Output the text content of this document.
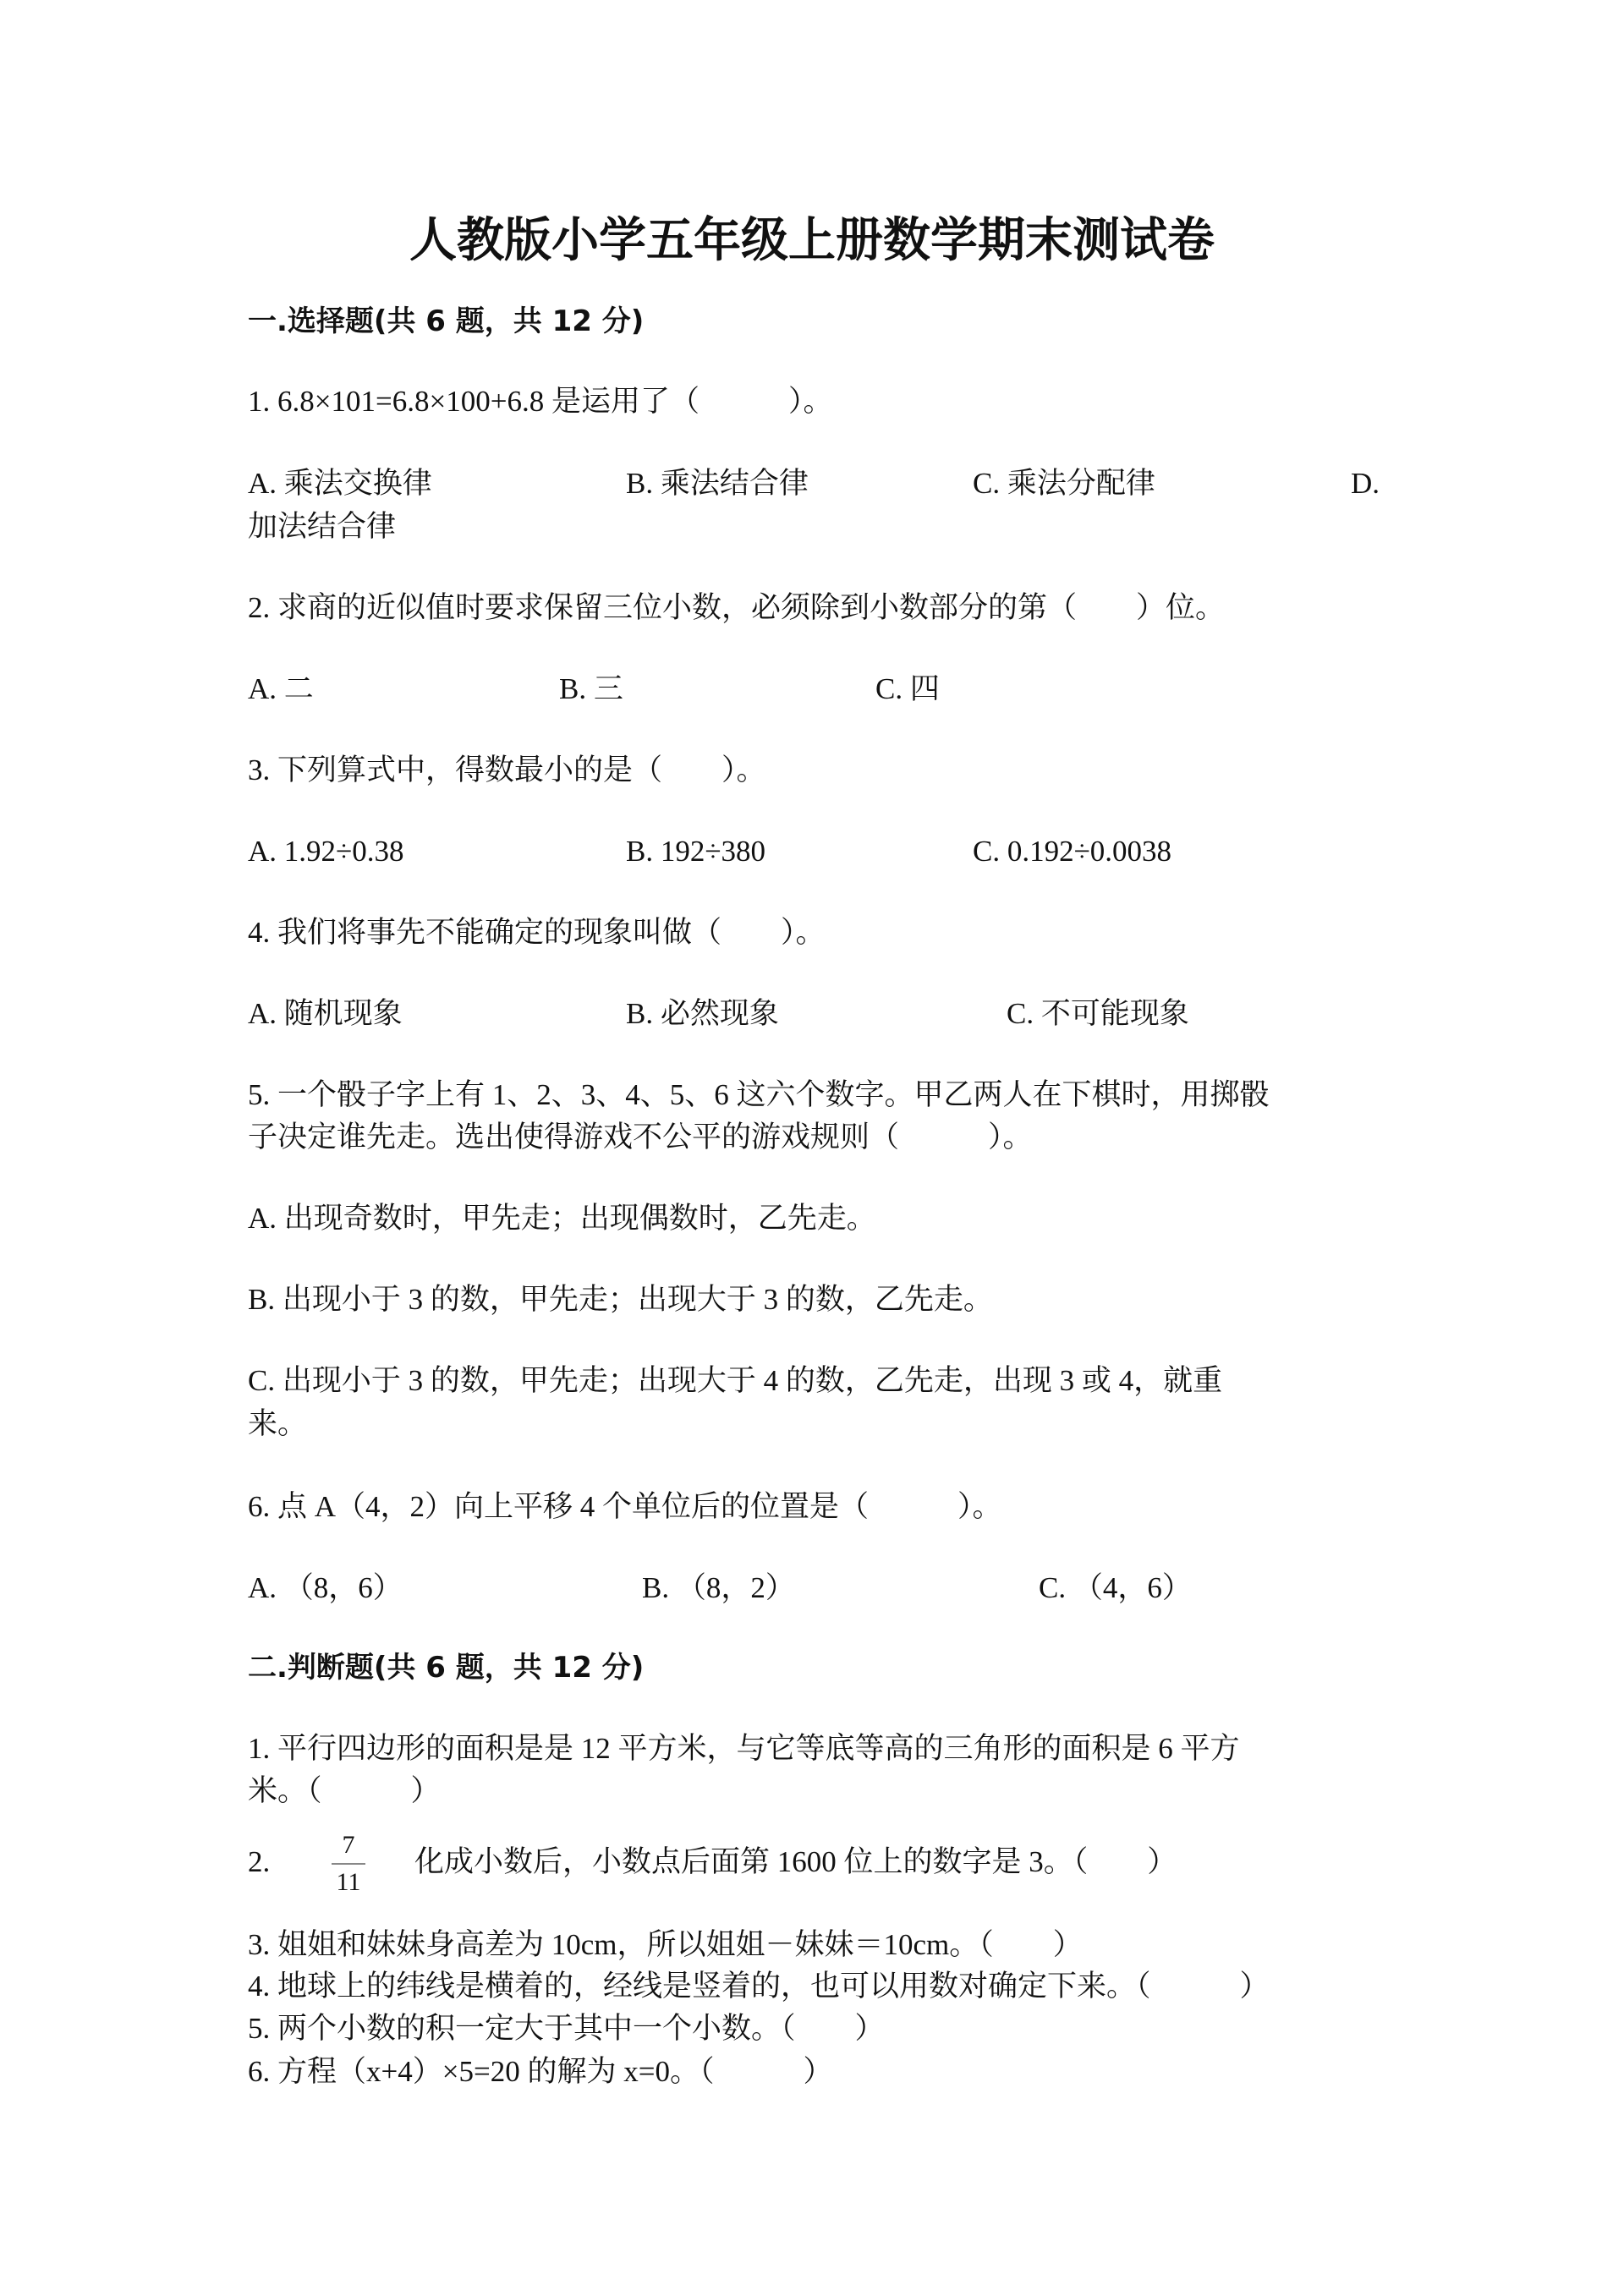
人教版小学五年级上册数学期末测试卷
一.选择题(共 6 题，共 12 分)
1. 6.8×101=6.8×100+6.8 是运用了（　　　）。
A. 乘法交换律	B. 乘法结合律	C. 乘法分配律	D.
加法结合律
2. 求商的近似值时要求保留三位小数，必须除到小数部分的第（　　）位。
A. 二	B. 三	C. 四
3. 下列算式中，得数最小的是（　　）。
A. 1.92÷0.38	B. 192÷380	C. 0.192÷0.0038
4. 我们将事先不能确定的现象叫做（　　）。
A. 随机现象	B. 必然现象	C. 不可能现象
5. 一个骰子字上有 1、2、3、4、5、6 这六个数字。甲乙两人在下棋时，用掷骰
子决定谁先走。选出使得游戏不公平的游戏规则（　　　）。
A. 出现奇数时，甲先走；出现偶数时，乙先走。
B. 出现小于 3 的数，甲先走；出现大于 3 的数，乙先走。
C. 出现小于 3 的数，甲先走；出现大于 4 的数，乙先走，出现 3 或 4，就重
来。
6. 点 A（4，2）向上平移 4 个单位后的位置是（　　　）。
A. （8，6）	B. （8，2）	C. （4，6）
二.判断题(共 6 题，共 12 分)
1. 平行四边形的面积是是 12 平方米，与它等底等高的三角形的面积是 6 平方
米。（　　　）
2.
7
11
化成小数后，小数点后面第 1600 位上的数字是 3。（　　）
3. 姐姐和妹妹身高差为 10cm，所以姐姐－妹妹＝10cm。（　　）
4. 地球上的纬线是横着的，经线是竖着的，也可以用数对确定下来。（　　　）
5. 两个小数的积一定大于其中一个小数。（　　）
6. 方程（x+4）×5=20 的解为 x=0。（　　　）
